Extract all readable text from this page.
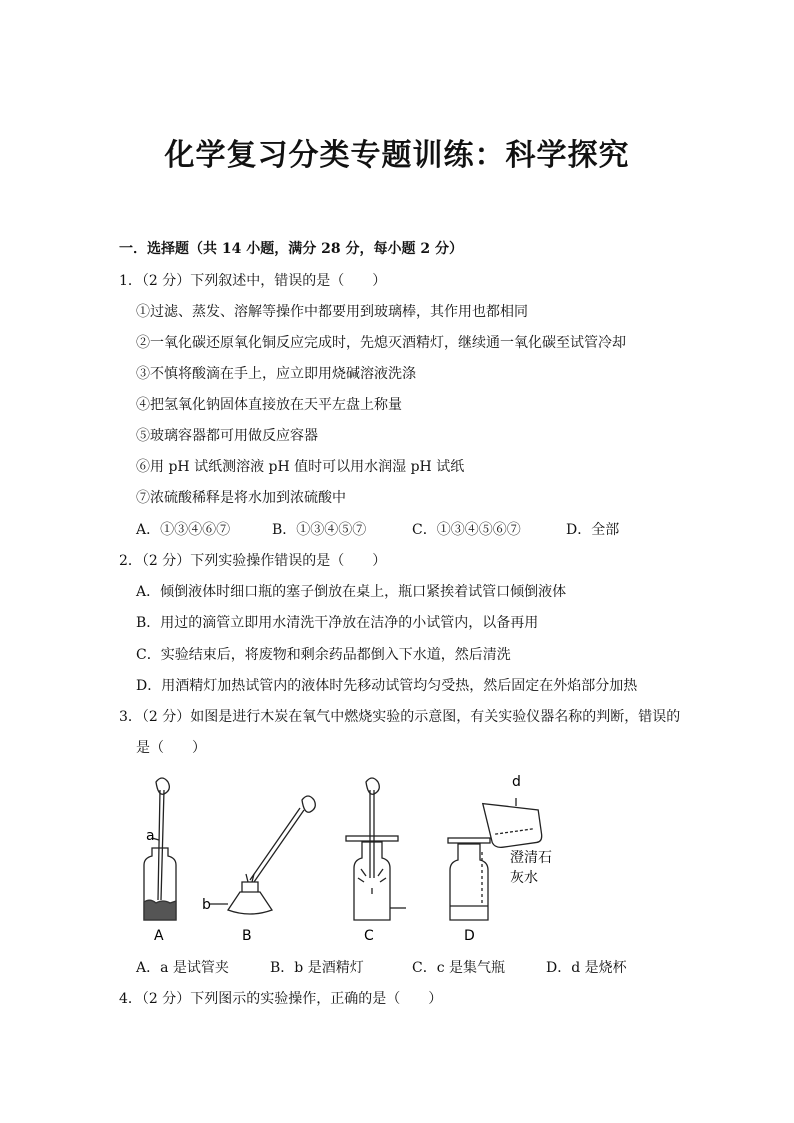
化学复习分类专题训练：科学探究
一．选择题（共 14 小题，满分 28 分，每小题 2 分）
1．（2 分）下列叙述中，错误的是（　　）
①过滤、蒸发、溶解等操作中都要用到玻璃棒，其作用也都相同
②一氧化碳还原氧化铜反应完成时，先熄灭酒精灯，继续通一氧化碳至试管冷却
③不慎将酸滴在手上，应立即用烧碱溶液洗涤
④把氢氧化钠固体直接放在天平左盘上称量
⑤玻璃容器都可用做反应容器
⑥用 pH 试纸测溶液 pH 值时可以用水润湿 pH 试纸
⑦浓硫酸稀释是将水加到浓硫酸中
A．①③④⑥⑦	B．①③④⑤⑦	C．①③④⑤⑥⑦	D．全部
2．（2 分）下列实验操作错误的是（　　）
A．倾倒液体时细口瓶的塞子倒放在桌上，瓶口紧挨着试管口倾倒液体
B．用过的滴管立即用水清洗干净放在洁净的小试管内，以备再用
C．实验结束后，将废物和剩余药品都倒入下水道，然后清洗
D．用酒精灯加热试管内的液体时先移动试管均匀受热，然后固定在外焰部分加热
3．（2 分）如图是进行木炭在氧气中燃烧实验的示意图，有关实验仪器名称的判断，错误的
是（　　）
a
b
d
澄清石
灰水
A	B	C	D
A．a 是试管夹	B．b 是酒精灯	C．c 是集气瓶	D．d 是烧杯
4．（2 分）下列图示的实验操作，正确的是（　　）
